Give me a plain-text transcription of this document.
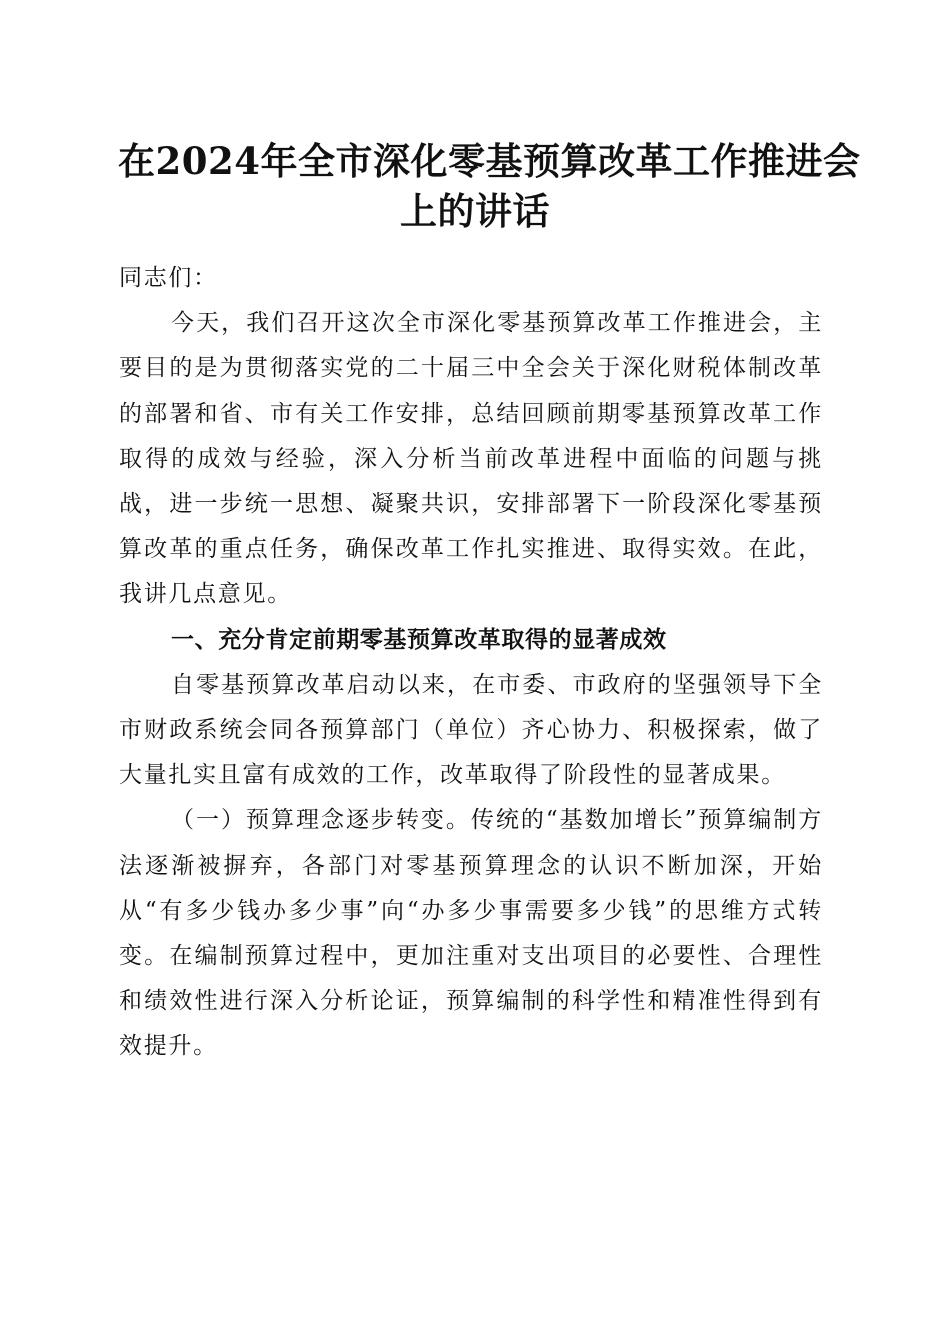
在2024年全市深化零基预算改革工作推进会
上的讲话

同志们：

今天，我们召开这次全市深化零基预算改革工作推进会，主要目的是为贯彻落实党的二十届三中全会关于深化财税体制改革的部署和省、市有关工作安排，总结回顾前期零基预算改革工作取得的成效与经验，深入分析当前改革进程中面临的问题与挑战，进一步统一思想、凝聚共识，安排部署下一阶段深化零基预算改革的重点任务，确保改革工作扎实推进、取得实效。在此，我讲几点意见。

一、充分肯定前期零基预算改革取得的显著成效

自零基预算改革启动以来，在市委、市政府的坚强领导下全市财政系统会同各预算部门（单位）齐心协力、积极探索，做了大量扎实且富有成效的工作，改革取得了阶段性的显著成果。

（一）预算理念逐步转变。传统的“基数加增长”预算编制方法逐渐被摒弃，各部门对零基预算理念的认识不断加深，开始从“有多少钱办多少事”向“办多少事需要多少钱”的思维方式转变。在编制预算过程中，更加注重对支出项目的必要性、合理性和绩效性进行深入分析论证，预算编制的科学性和精准性得到有效提升。
